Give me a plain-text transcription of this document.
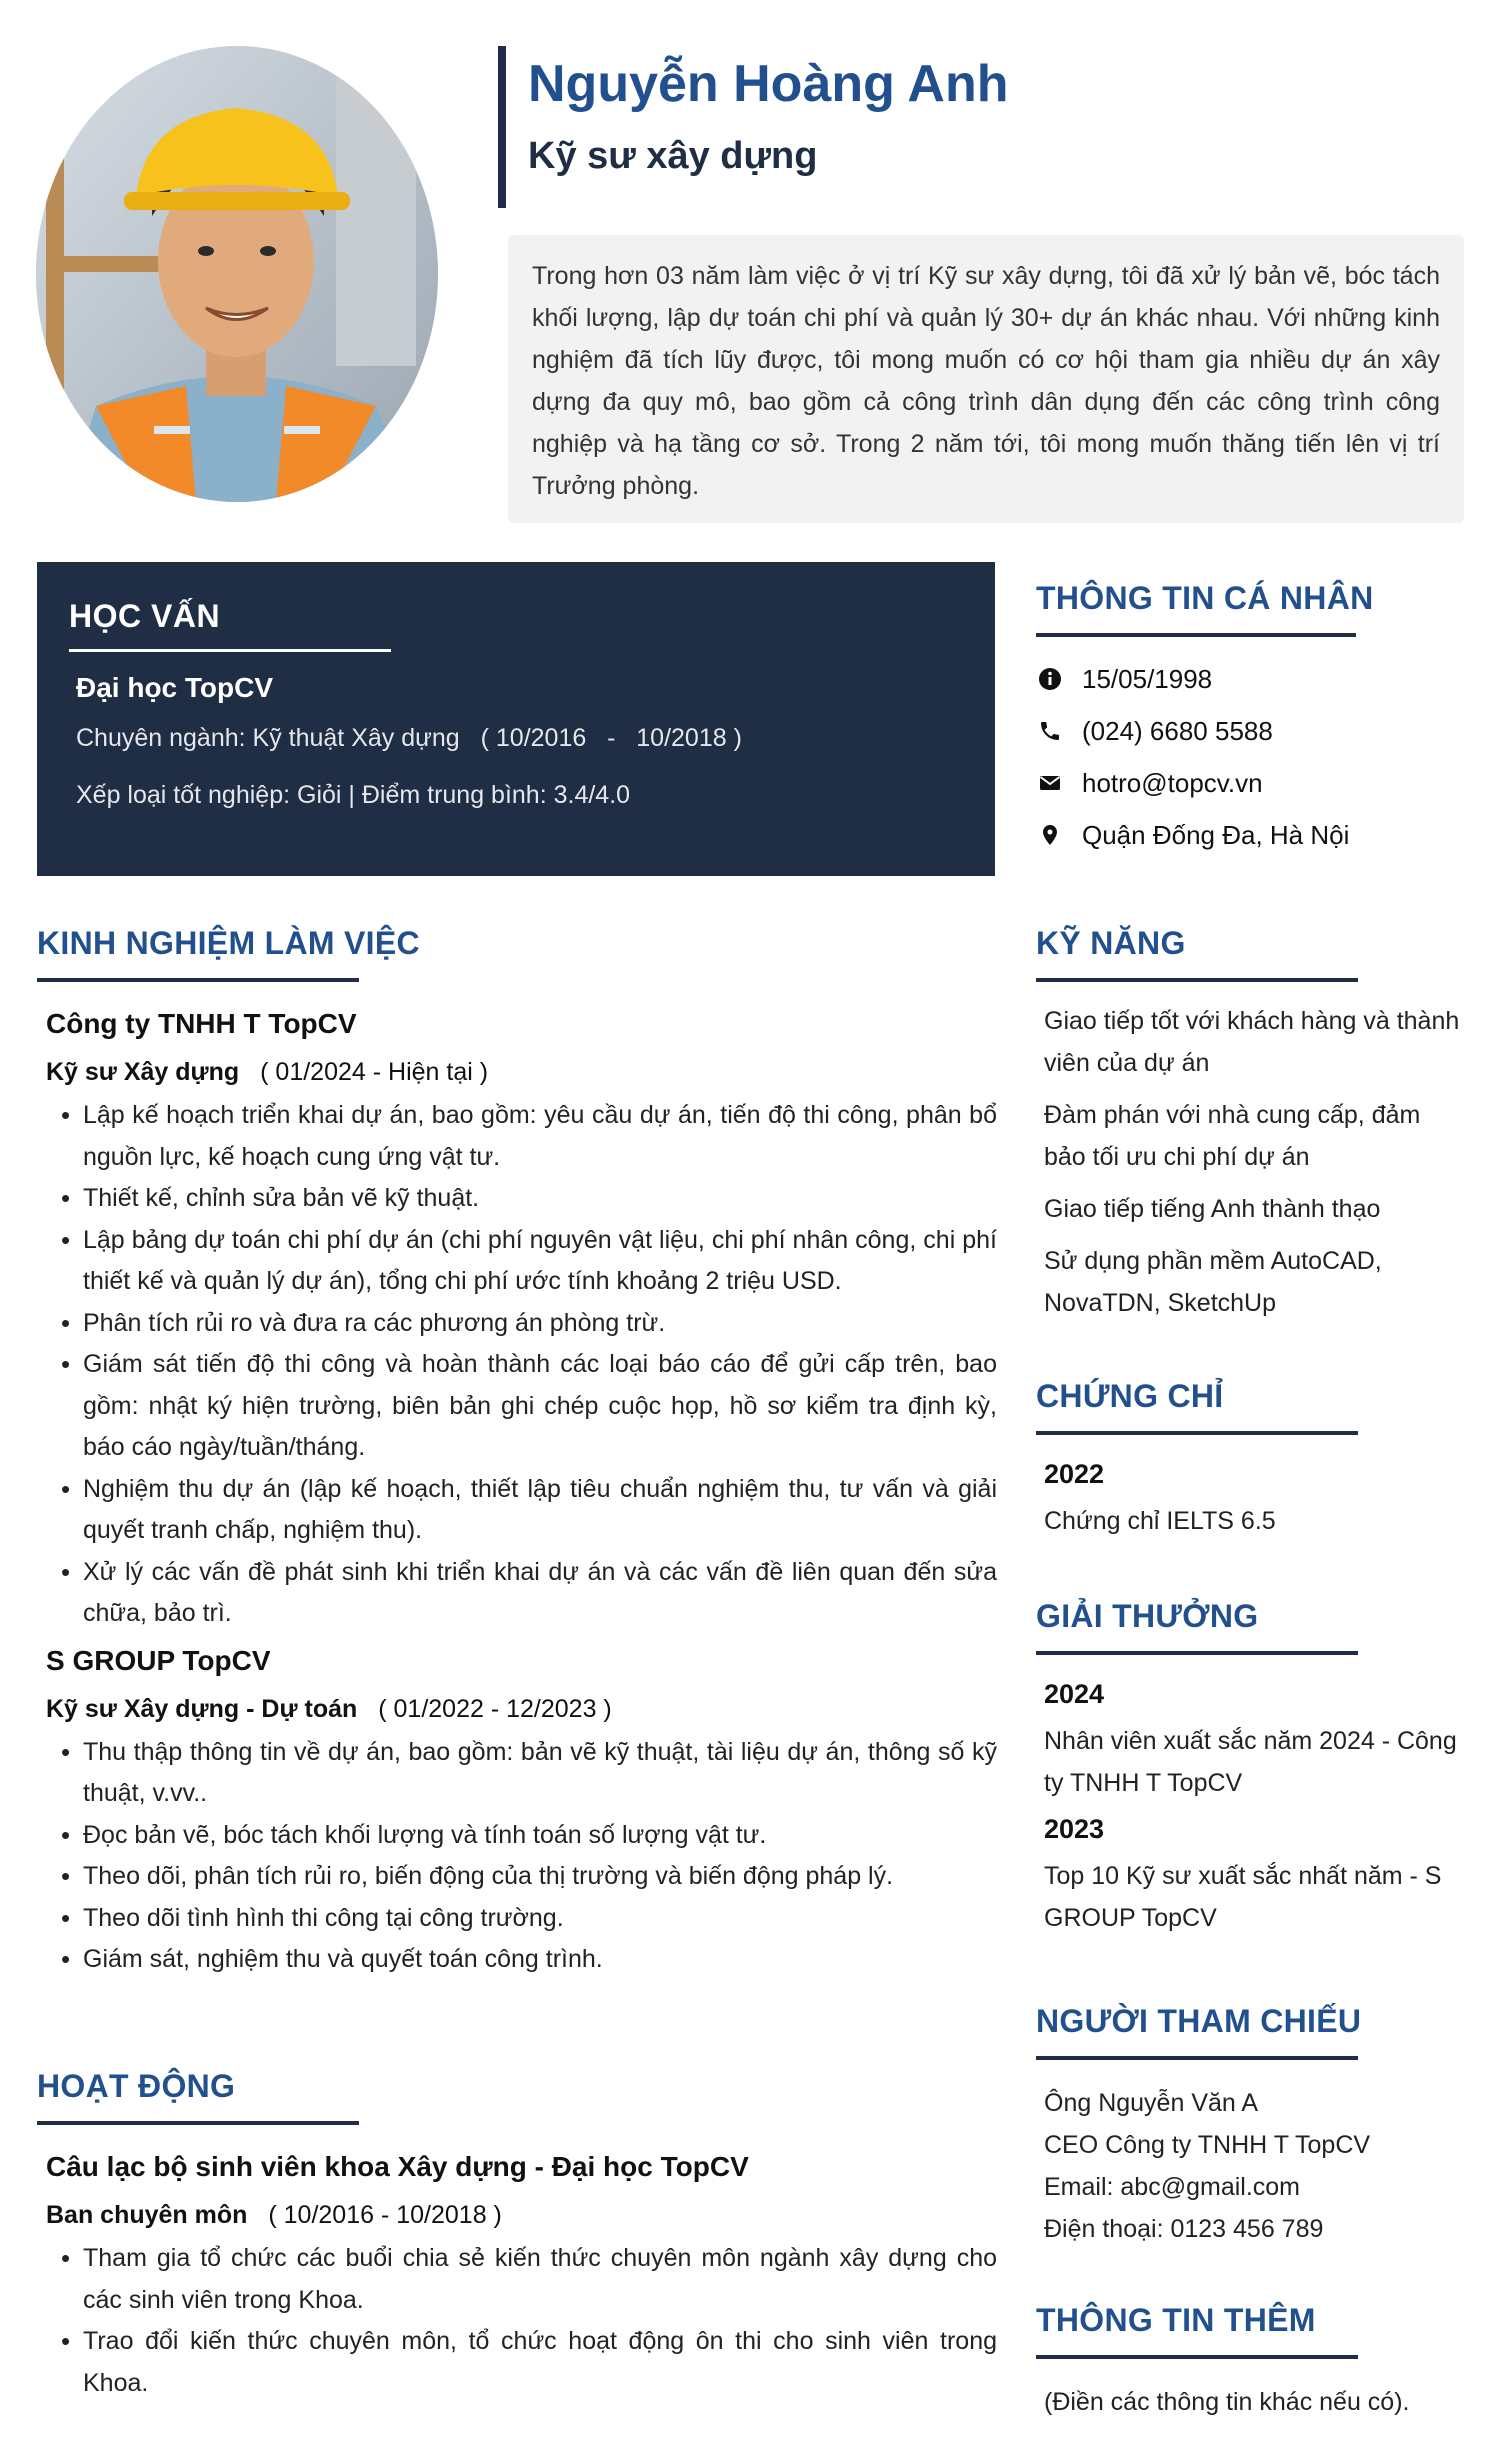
Nguyễn Hoàng Anh
Kỹ sư xây dựng
Trong hơn 03 năm làm việc ở vị trí Kỹ sư xây dựng, tôi đã xử lý bản vẽ, bóc tách khối lượng, lập dự toán chi phí và quản lý 30+ dự án khác nhau. Với những kinh nghiệm đã tích lũy được, tôi mong muốn có cơ hội tham gia nhiều dự án xây dựng đa quy mô, bao gồm cả công trình dân dụng đến các công trình công nghiệp và hạ tầng cơ sở. Trong 2 năm tới, tôi mong muốn thăng tiến lên vị trí Trưởng phòng.
HỌC VẤN
Đại học TopCV
Chuyên ngành: Kỹ thuật Xây dựng ( 10/2016   -   10/2018 )
Xếp loại tốt nghiệp: Giỏi | Điểm trung bình: 3.4/4.0
THÔNG TIN CÁ NHÂN
15/05/1998
(024) 6680 5588
hotro@topcv.vn
Quận Đống Đa, Hà Nội
KINH NGHIỆM LÀM VIỆC
Công ty TNHH T TopCV
Kỹ sư Xây dựng ( 01/2024 - Hiện tại )
• Lập kế hoạch triển khai dự án, bao gồm: yêu cầu dự án, tiến độ thi công, phân bổ nguồn lực, kế hoạch cung ứng vật tư.
• Thiết kế, chỉnh sửa bản vẽ kỹ thuật.
• Lập bảng dự toán chi phí dự án (chi phí nguyên vật liệu, chi phí nhân công, chi phí thiết kế và quản lý dự án), tổng chi phí ước tính khoảng 2 triệu USD.
• Phân tích rủi ro và đưa ra các phương án phòng trừ.
• Giám sát tiến độ thi công và hoàn thành các loại báo cáo để gửi cấp trên, bao gồm: nhật ký hiện trường, biên bản ghi chép cuộc họp, hồ sơ kiểm tra định kỳ, báo cáo ngày/tuần/tháng.
• Nghiệm thu dự án (lập kế hoạch, thiết lập tiêu chuẩn nghiệm thu, tư vấn và giải quyết tranh chấp, nghiệm thu).
• Xử lý các vấn đề phát sinh khi triển khai dự án và các vấn đề liên quan đến sửa chữa, bảo trì.
S GROUP TopCV
Kỹ sư Xây dựng - Dự toán ( 01/2022 - 12/2023 )
• Thu thập thông tin về dự án, bao gồm: bản vẽ kỹ thuật, tài liệu dự án, thông số kỹ thuật, v.vv..
• Đọc bản vẽ, bóc tách khối lượng và tính toán số lượng vật tư.
• Theo dõi, phân tích rủi ro, biến động của thị trường và biến động pháp lý.
• Theo dõi tình hình thi công tại công trường.
• Giám sát, nghiệm thu và quyết toán công trình.
HOẠT ĐỘNG
Câu lạc bộ sinh viên khoa Xây dựng - Đại học TopCV
Ban chuyên môn ( 10/2016 - 10/2018 )
• Tham gia tổ chức các buổi chia sẻ kiến thức chuyên môn ngành xây dựng cho các sinh viên trong Khoa.
• Trao đổi kiến thức chuyên môn, tổ chức hoạt động ôn thi cho sinh viên trong Khoa.
KỸ NĂNG
Giao tiếp tốt với khách hàng và thành viên của dự án
Đàm phán với nhà cung cấp, đảm bảo tối ưu chi phí dự án
Giao tiếp tiếng Anh thành thạo
Sử dụng phần mềm AutoCAD, NovaTDN, SketchUp
CHỨNG CHỈ
2022
Chứng chỉ IELTS 6.5
GIẢI THƯỞNG
2024
Nhân viên xuất sắc năm 2024 - Công ty TNHH T TopCV
2023
Top 10 Kỹ sư xuất sắc nhất năm - S GROUP TopCV
NGƯỜI THAM CHIẾU
Ông Nguyễn Văn A
CEO Công ty TNHH T TopCV
Email: abc@gmail.com
Điện thoại: 0123 456 789
THÔNG TIN THÊM
(Điền các thông tin khác nếu có).
